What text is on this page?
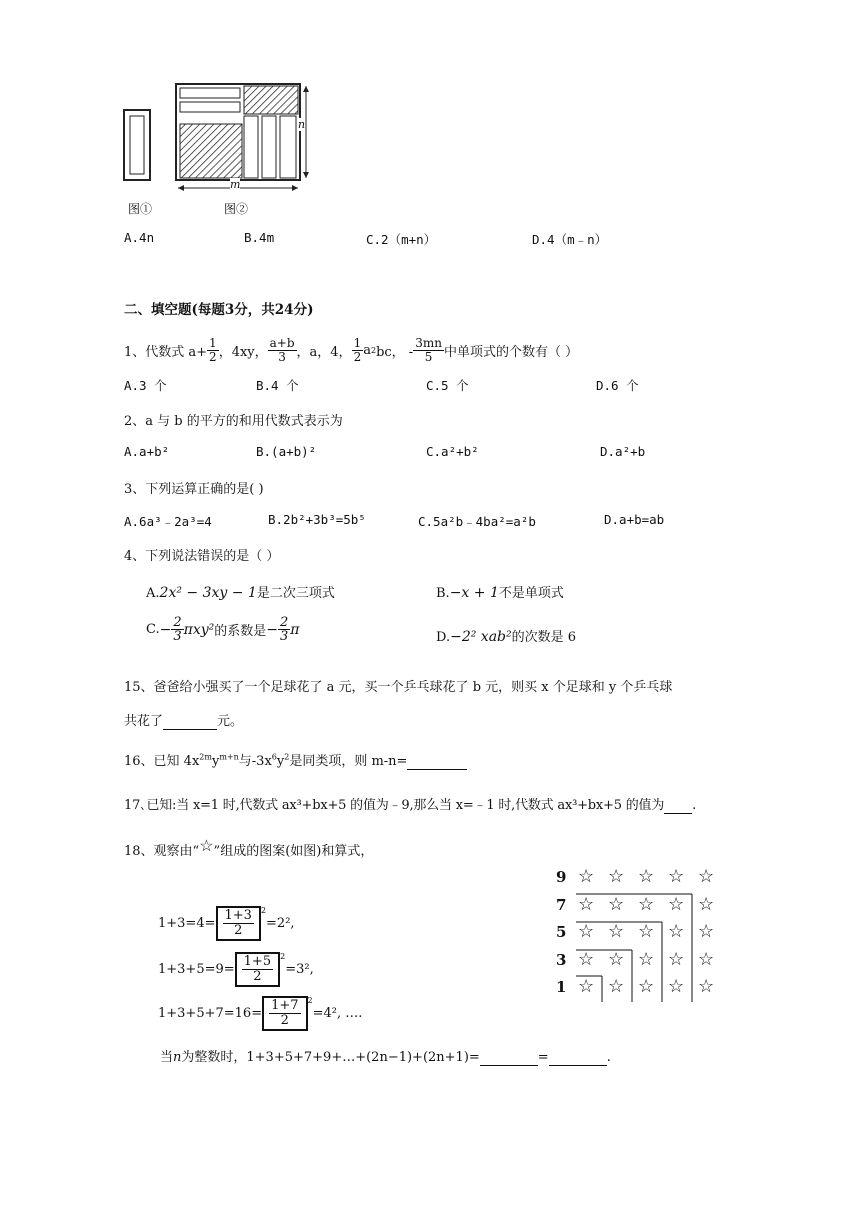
n
m
图①	图②
A.4n	B.4m	C.2（m+n）	D.4（m﹣n）
二、填空题(每题3分，共24分)
1、代数式 $a+ \frac{1}{2}$ ，4xy， $\frac{a+b}{3}$ ，a，4， $\frac{1}{2}$ a 2 bc， - $\frac{3mn}{5}$ 中单项式的个数有（ ）
A.3 个	B.4 个	C.5 个	D.6 个
2、a 与 b 的平方的和用代数式表示为
A.a+b²	B.(a+b)²	C.a²+b²	D.a²+b
3、下列运算正确的是( )
A.6a³﹣2a³=4	B.2b²+3b³=5b⁵	C.5a²b﹣4ba²=a²b	D.a+b=ab
4、下列说法错误的是（ ）
A.2x² − 3xy − 1是二次三项式	B.−x + 1不是单项式
C. − $\frac{2}{3} \pi xy^2$ 的系数是 − $\frac{2}{3}$ π	D.−2² xab²的次数是 6
15、爸爸给小强买了一个足球花了 a 元，买一个乒乓球花了 b 元，则买 x 个足球和 y 个乒乓球
共花了	元。
16、已知 $4x^{2m}y^{m+n}$与$-3x^6y^2$是同类项，则 m-n=
17､已知:当 x=1 时,代数式 ax³+bx+5 的值为﹣9,那么当 x=﹣1 时,代数式 ax³+bx+5 的值为 .
18、观察由“☆”组成的图案(如图)和算式，
$1+3=4= \frac{1+3}{2} ^2$
=2²,
$1+3+5=9= \frac{1+5}{2} ^2$
=3²,
$1+3+5+7=16= \frac{1+7}{2} ^2$
=4², ….
当n为整数时，1+3+5+7+9+…+(2n−1)+(2n+1)=	=	.
9 ☆ ☆ ☆ ☆ ☆
7 ☆ ☆ ☆ ☆ ☆
5 ☆ ☆ ☆ ☆ ☆
3 ☆ ☆ ☆ ☆ ☆
1 ☆ ☆ ☆ ☆ ☆
